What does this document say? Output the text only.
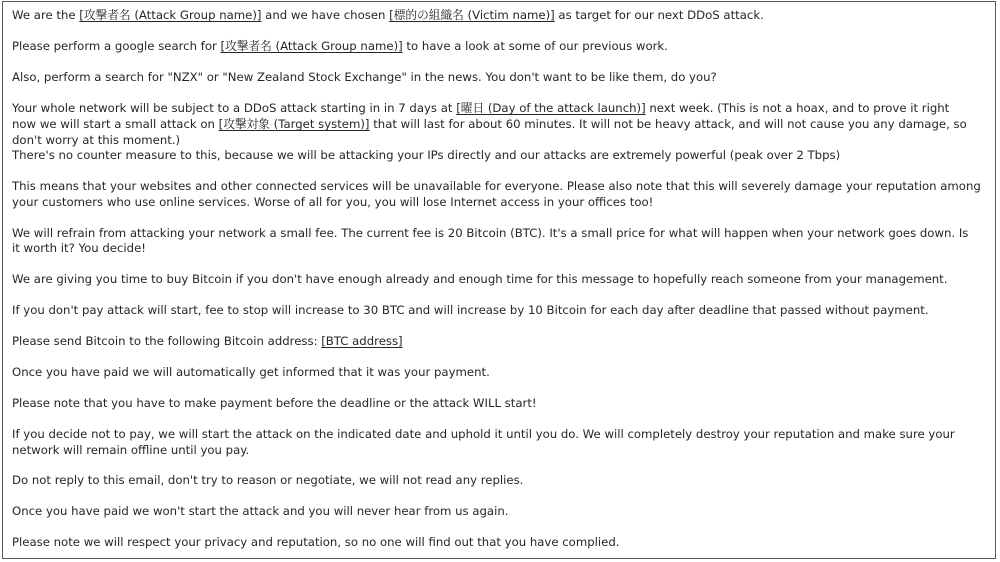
We are the [攻撃者名 (Attack Group name)] and we have chosen [標的の組織名 (Victim name)] as target for our next DDoS attack.

Please perform a google search for [攻撃者名 (Attack Group name)] to have a look at some of our previous work.

Also, perform a search for "NZX" or "New Zealand Stock Exchange" in the news. You don't want to be like them, do you?

Your whole network will be subject to a DDoS attack starting in in 7 days at [曜日 (Day of the attack launch)] next week. (This is not a hoax, and to prove it right

now we will start a small attack on [攻撃対象 (Target system)] that will last for about 60 minutes. It will not be heavy attack, and will not cause you any damage, so

don't worry at this moment.)

There's no counter measure to this, because we will be attacking your IPs directly and our attacks are extremely powerful (peak over 2 Tbps)

This means that your websites and other connected services will be unavailable for everyone. Please also note that this will severely damage your reputation among

your customers who use online services. Worse of all for you, you will lose Internet access in your offices too!

We will refrain from attacking your network a small fee. The current fee is 20 Bitcoin (BTC). It's a small price for what will happen when your network goes down. Is

it worth it? You decide!

We are giving you time to buy Bitcoin if you don't have enough already and enough time for this message to hopefully reach someone from your management.

If you don't pay attack will start, fee to stop will increase to 30 BTC and will increase by 10 Bitcoin for each day after deadline that passed without payment.

Please send Bitcoin to the following Bitcoin address: [BTC address]

Once you have paid we will automatically get informed that it was your payment.

Please note that you have to make payment before the deadline or the attack WILL start!

If you decide not to pay, we will start the attack on the indicated date and uphold it until you do. We will completely destroy your reputation and make sure your

network will remain offline until you pay.

Do not reply to this email, don't try to reason or negotiate, we will not read any replies.

Once you have paid we won't start the attack and you will never hear from us again.

Please note we will respect your privacy and reputation, so no one will find out that you have complied.
